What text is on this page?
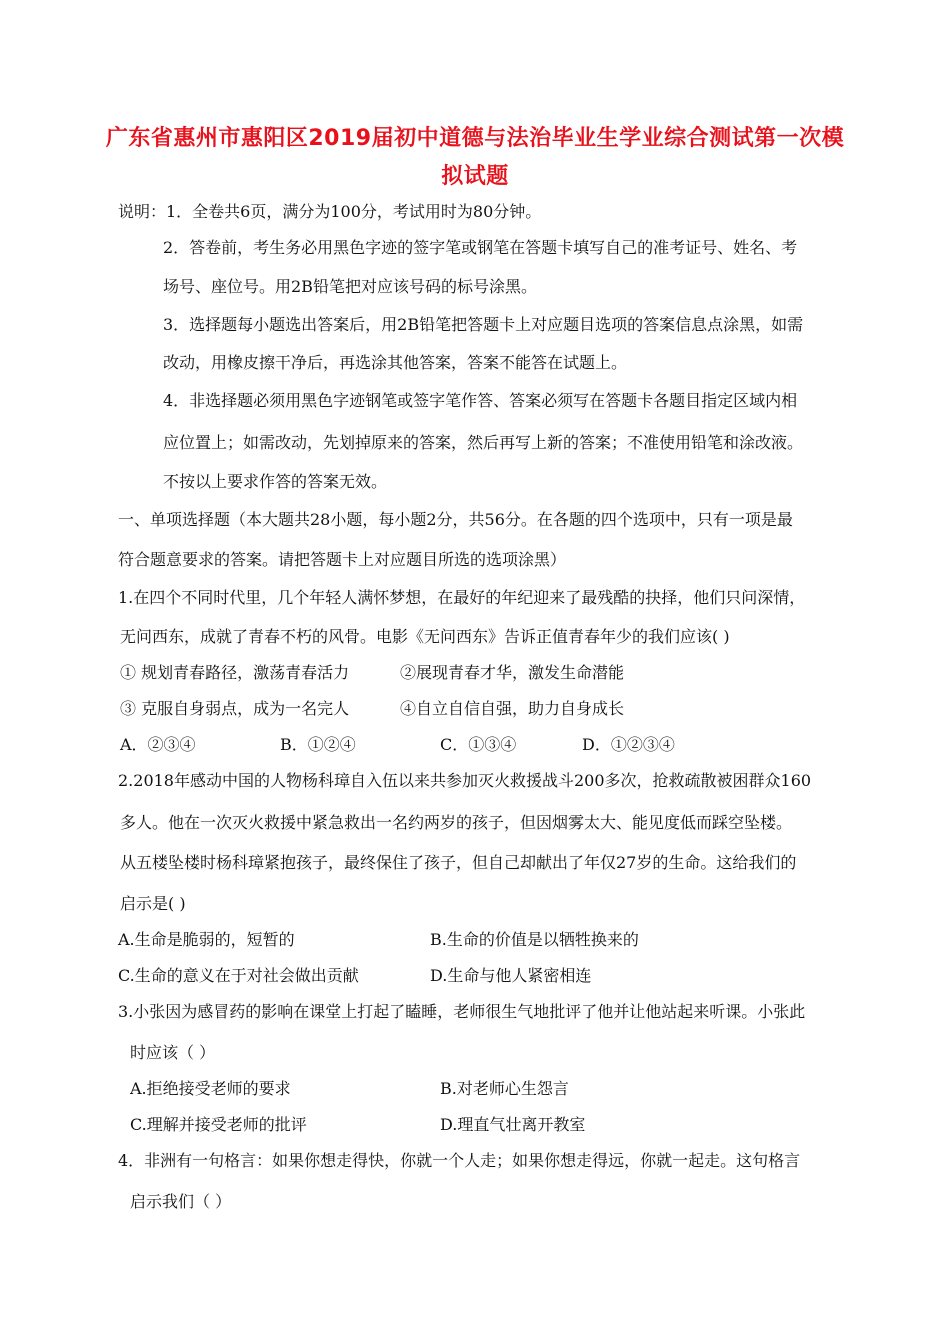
广东省惠州市惠阳区2019届初中道德与法治毕业生学业综合测试第一次模
拟试题
说明：1．全卷共6页，满分为100分，考试用时为80分钟。
2．答卷前，考生务必用黑色字迹的签字笔或钢笔在答题卡填写自己的准考证号、姓名、考
场号、座位号。用2B铅笔把对应该号码的标号涂黑。
3．选择题每小题选出答案后，用2B铅笔把答题卡上对应题目选项的答案信息点涂黑，如需
改动，用橡皮擦干净后，再选涂其他答案，答案不能答在试题上。
4．非选择题必须用黑色字迹钢笔或签字笔作答、答案必须写在答题卡各题目指定区域内相
应位置上；如需改动，先划掉原来的答案，然后再写上新的答案；不准使用铅笔和涂改液。
不按以上要求作答的答案无效。
一、单项选择题（本大题共28小题，每小题2分，共56分。在各题的四个选项中，只有一项是最
符合题意要求的答案。请把答题卡上对应题目所选的选项涂黑）
1.在四个不同时代里，几个年轻人满怀梦想，在最好的年纪迎来了最残酷的抉择，他们只问深情，
无问西东，成就了青春不朽的风骨。电影《无问西东》告诉正值青春年少的我们应该( )
① 规划青春路径，激荡青春活力	②展现青春才华，激发生命潜能
③ 克服自身弱点，成为一名完人	④自立自信自强，助力自身成长
A．②③④	B．①②④	C．①③④	D．①②③④
2.2018年感动中国的人物杨科璋自入伍以来共参加灭火救援战斗200多次，抢救疏散被困群众160
多人。他在一次灭火救援中紧急救出一名约两岁的孩子，但因烟雾太大、能见度低而踩空坠楼。
从五楼坠楼时杨科璋紧抱孩子，最终保住了孩子，但自己却献出了年仅27岁的生命。这给我们的
启示是( )
A.生命是脆弱的，短暂的	B.生命的价值是以牺牲换来的
C.生命的意义在于对社会做出贡献	D.生命与他人紧密相连
3.小张因为感冒药的影响在课堂上打起了瞌睡，老师很生气地批评了他并让他站起来听课。小张此
时应该（ ）
A.拒绝接受老师的要求	B.对老师心生怨言
C.理解并接受老师的批评	D.理直气壮离开教室
4．非洲有一句格言：如果你想走得快，你就一个人走；如果你想走得远，你就一起走。这句格言
启示我们（ ）
